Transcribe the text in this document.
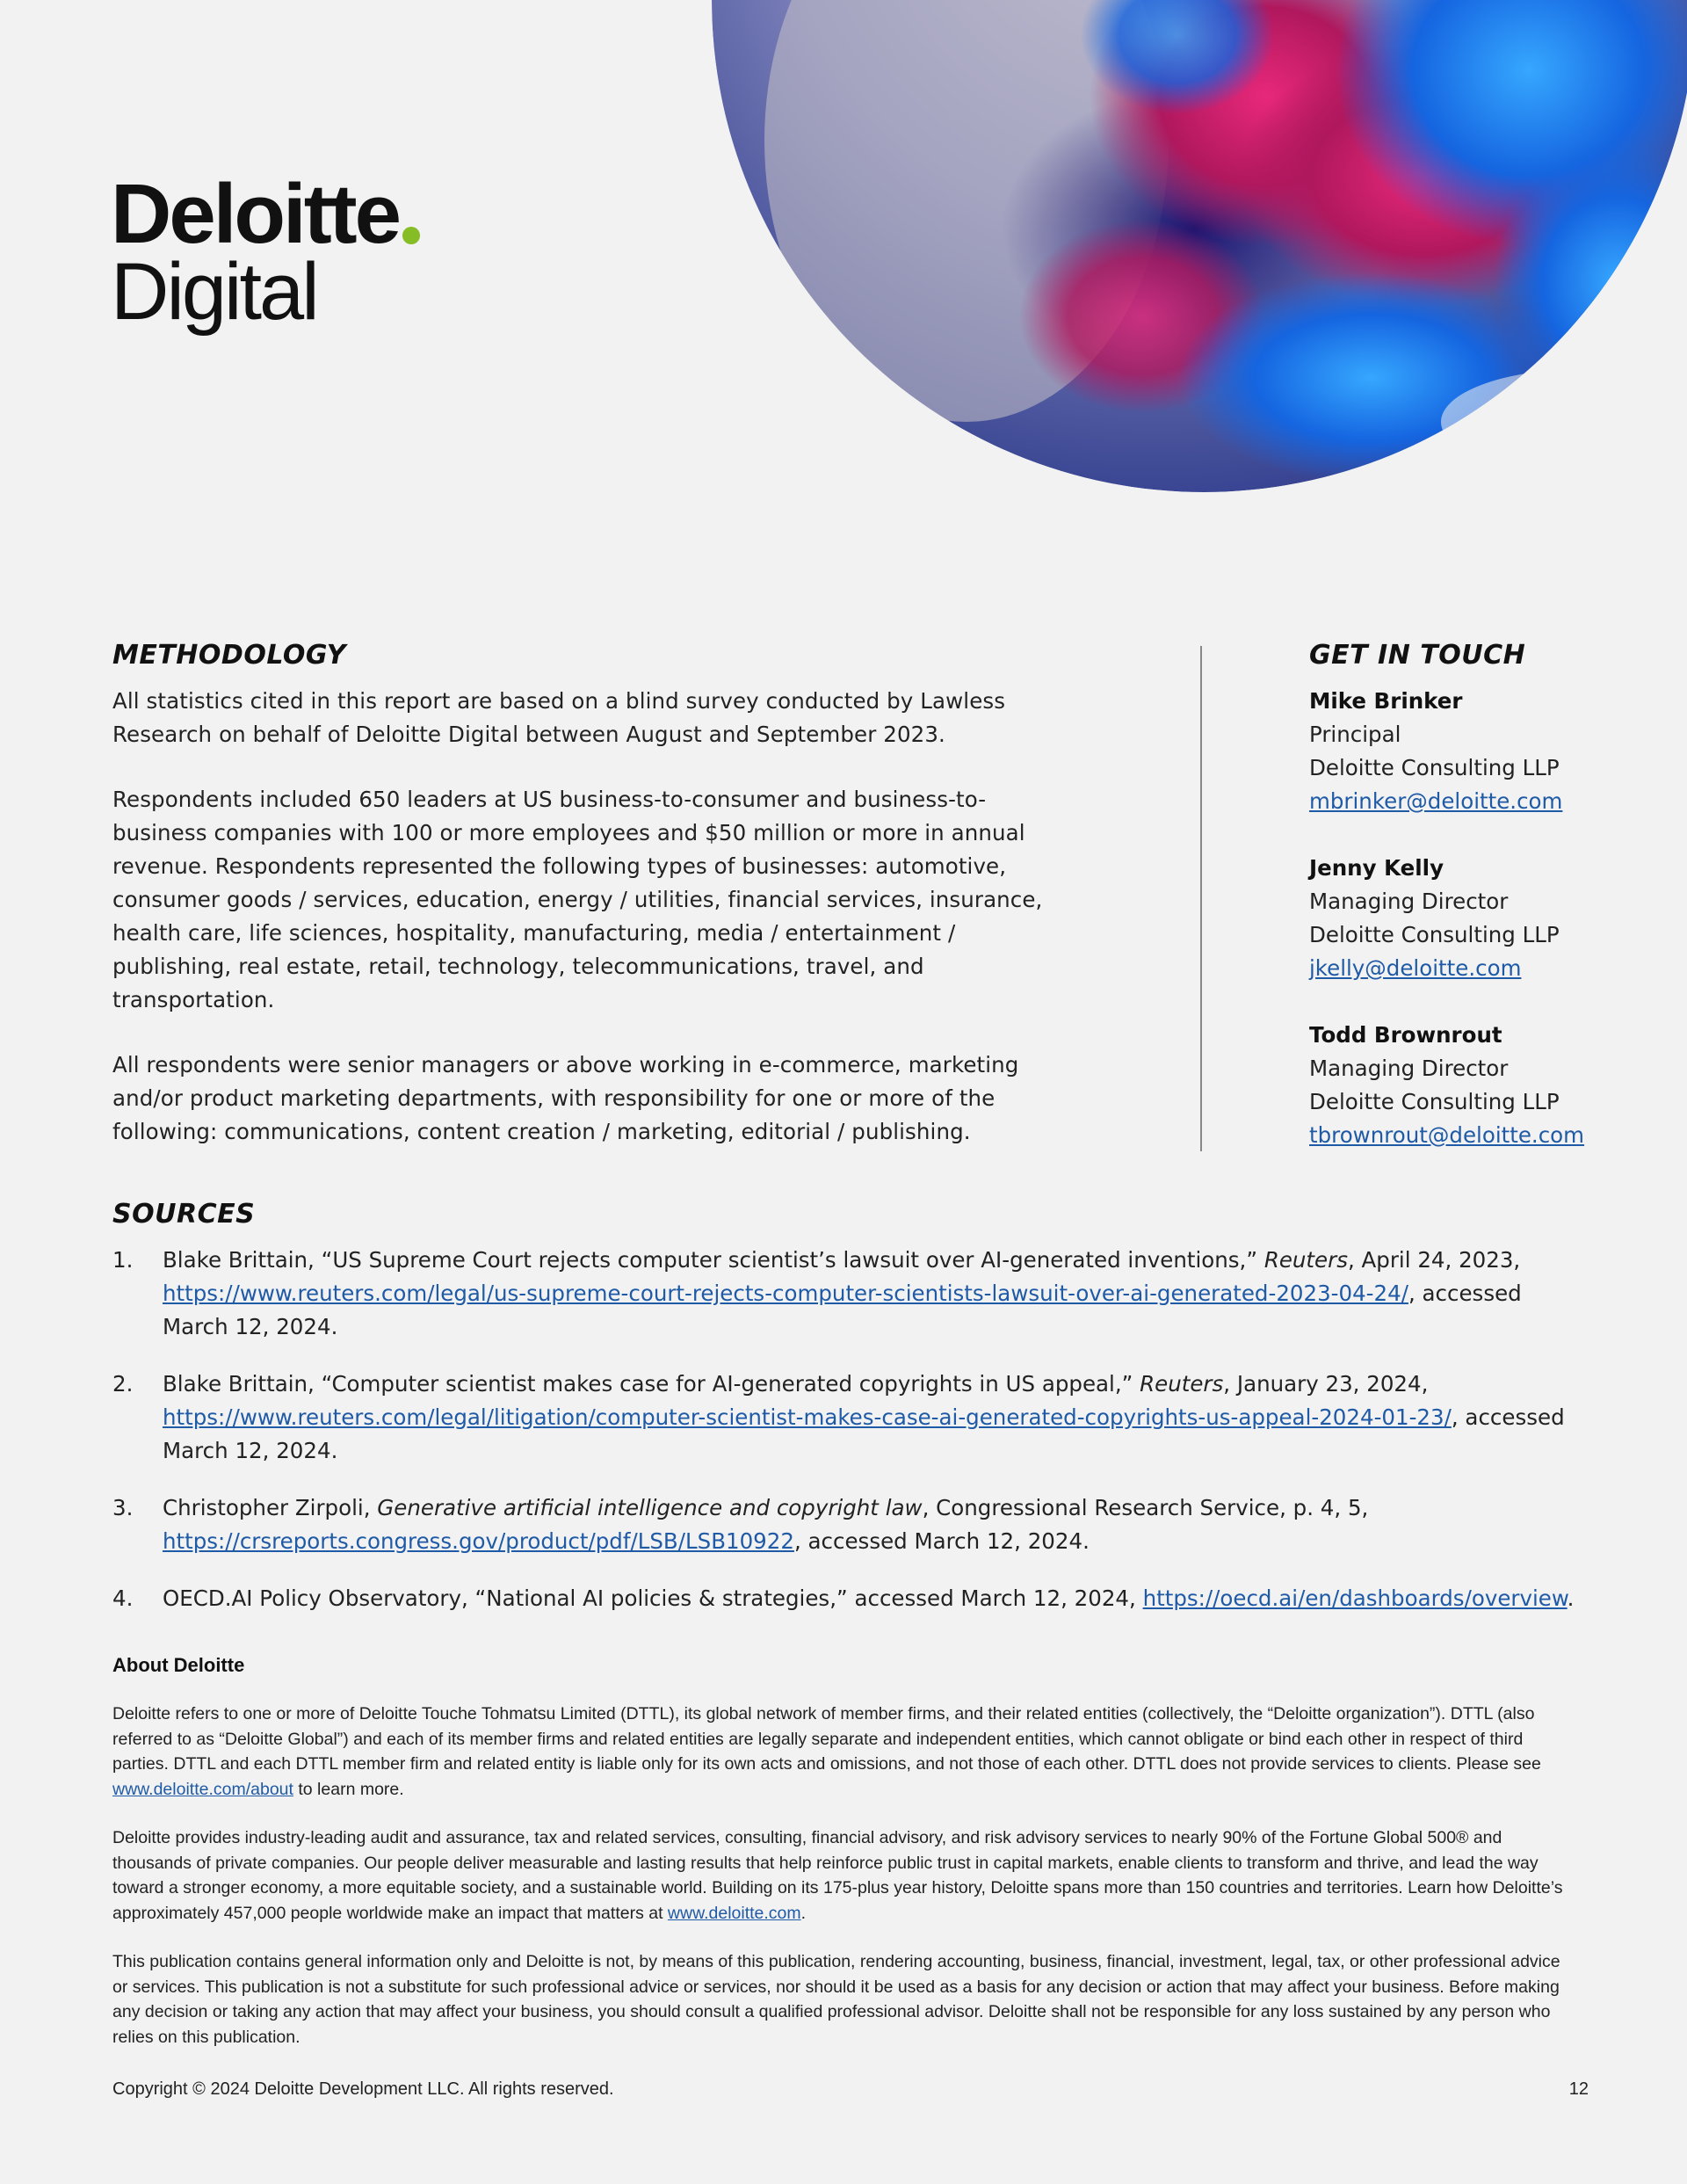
Deloitte
Digital
METHODOLOGY

All statistics cited in this report are based on a blind survey conducted by Lawless Research on behalf of Deloitte Digital between August and September 2023.

Respondents included 650 leaders at US business-to-consumer and business-to-business companies with 100 or more employees and $50 million or more in annual revenue. Respondents represented the following types of businesses: automotive, consumer goods / services, education, energy / utilities, financial services, insurance, health care, life sciences, hospitality, manufacturing, media / entertainment / publishing, real estate, retail, technology, telecommunications, travel, and transportation.

All respondents were senior managers or above working in e-commerce, marketing and/or product marketing departments, with responsibility for one or more of the following: communications, content creation / marketing, editorial / publishing.

GET IN TOUCH
Mike Brinker
Principal
Deloitte Consulting LLP
mbrinker@deloitte.com
Jenny Kelly
Managing Director
Deloitte Consulting LLP
jkelly@deloitte.com
Todd Brownrout
Managing Director
Deloitte Consulting LLP
tbrownrout@deloitte.com
SOURCES
1. Blake Brittain, “US Supreme Court rejects computer scientist’s lawsuit over AI-generated inventions,” Reuters, April 24, 2023, https://www.reuters.com/legal/us-supreme-court-rejects-computer-scientists-lawsuit-over-ai-generated-2023-04-24/, accessed March 12, 2024.
2. Blake Brittain, “Computer scientist makes case for AI-generated copyrights in US appeal,” Reuters, January 23, 2024, https://www.reuters.com/legal/litigation/computer-scientist-makes-case-ai-generated-copyrights-us-appeal-2024-01-23/, accessed March 12, 2024.
3. Christopher Zirpoli, Generative artificial intelligence and copyright law, Congressional Research Service, p. 4, 5, https://crsreports.congress.gov/product/pdf/LSB/LSB10922, accessed March 12, 2024.
4. OECD.AI Policy Observatory, “National AI policies & strategies,” accessed March 12, 2024, https://oecd.ai/en/dashboards/overview.
About Deloitte

Deloitte refers to one or more of Deloitte Touche Tohmatsu Limited (DTTL), its global network of member firms, and their related entities (collectively, the “Deloitte organization”). DTTL (also referred to as “Deloitte Global”) and each of its member firms and related entities are legally separate and independent entities, which cannot obligate or bind each other in respect of third parties. DTTL and each DTTL member firm and related entity is liable only for its own acts and omissions, and not those of each other. DTTL does not provide services to clients. Please see www.deloitte.com/about to learn more.

Deloitte provides industry-leading audit and assurance, tax and related services, consulting, financial advisory, and risk advisory services to nearly 90% of the Fortune Global 500® and thousands of private companies. Our people deliver measurable and lasting results that help reinforce public trust in capital markets, enable clients to transform and thrive, and lead the way toward a stronger economy, a more equitable society, and a sustainable world. Building on its 175-plus year history, Deloitte spans more than 150 countries and territories. Learn how Deloitte’s approximately 457,000 people worldwide make an impact that matters at www.deloitte.com.

This publication contains general information only and Deloitte is not, by means of this publication, rendering accounting, business, financial, investment, legal, tax, or other professional advice or services. This publication is not a substitute for such professional advice or services, nor should it be used as a basis for any decision or action that may affect your business. Before making any decision or taking any action that may affect your business, you should consult a qualified professional advisor. Deloitte shall not be responsible for any loss sustained by any person who relies on this publication.

Copyright © 2024 Deloitte Development LLC. All rights reserved.	12
